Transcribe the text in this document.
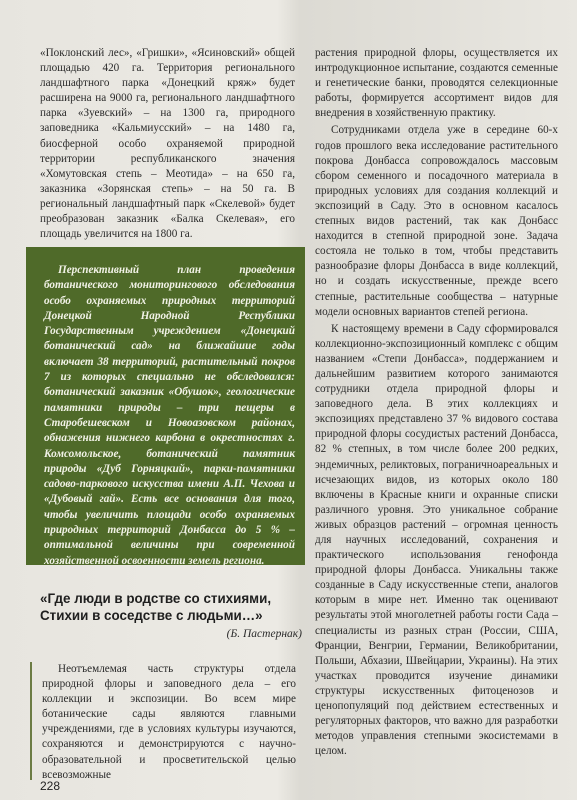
«Поклонский лес», «Гришки», «Ясиновский» общей площадью 420 га. Территория регионального ландшафтного парка «Донецкий кряж» будет расширена на 9000 га, регионального ландшафтного парка «Зуевский» – на 1300 га, природного заповедника «Кальмиусский» – на 1480 га, биосферной особо охраняемой природной территории республиканского значения «Хомутовская степь – Меотида» – на 650 га, заказника «Зорянская степь» – на 50 га. В региональный ландшафтный парк «Скелевой» будет преобразован заказник «Балка Скелевая», его площадь увеличится на 1800 га.

Перспективный план проведения ботанического мониторингового обследования особо охраняемых природных территорий Донецкой Народной Республики Государственным учреждением «Донецкий ботанический сад» на ближайшие годы включает 38 территорий, растительный покров 7 из которых специально не обследовался: ботанический заказник «Обушок», геологические памятники природы – три пещеры в Старобешевском и Новоазовском районах, обнажения нижнего карбона в окрестностях г. Комсомольское, ботанический памятник природы «Дуб Горняцкий», парки-памятники садово-паркового искусства имени А.П. Чехова и «Дубовый гай». Есть все основания для того, чтобы увеличить площади особо охраняемых природных территорий Донбасса до 5 % – оптимальной величины при современной хозяйственной освоенности земель региона.

«Где люди в родстве со стихиями, Стихии в соседстве с людьми…»
(Б. Пастернак)

Неотъемлемая часть структуры отдела природной флоры и заповедного дела – его коллекции и экспозиции. Во всем мире ботанические сады являются главными учреждениями, где в условиях культуры изучаются, сохраняются и демонстрируются с научно-образовательной и просветительской целью всевозможные

228

растения природной флоры, осуществляется их интродукционное испытание, создаются семенные и генетические банки, проводятся селекционные работы, формируется ассортимент видов для внедрения в хозяйственную практику.

Сотрудниками отдела уже в середине 60-х годов прошлого века исследование растительного покрова Донбасса сопровождалось массовым сбором семенного и посадочного материала в природных условиях для создания коллекций и экспозиций в Саду. Это в основном касалось степных видов растений, так как Донбасс находится в степной природной зоне. Задача состояла не только в том, чтобы представить разнообразие флоры Донбасса в виде коллекций, но и создать искусственные, прежде всего степные, растительные сообщества – натурные модели основных вариантов степей региона.

К настоящему времени в Саду сформировался коллекционно-экспозиционный комплекс с общим названием «Степи Донбасса», поддержанием и дальнейшим развитием которого занимаются сотрудники отдела природной флоры и заповедного дела. В этих коллекциях и экспозициях представлено 37 % видового состава природной флоры сосудистых растений Донбасса, 82 % степных, в том числе более 200 редких, эндемичных, реликтовых, пограничноареальных и исчезающих видов, из которых около 180 включены в Красные книги и охранные списки различного уровня. Это уникальное собрание живых образцов растений – огромная ценность для научных исследований, сохранения и практического использования генофонда природной флоры Донбасса. Уникальны также созданные в Саду искусственные степи, аналогов которым в мире нет. Именно так оценивают результаты этой многолетней работы гости Сада – специалисты из разных стран (России, США, Франции, Венгрии, Германии, Великобритании, Польши, Абхазии, Швейцарии, Украины). На этих участках проводится изучение динамики структуры искусственных фитоценозов и ценопопуляций под действием естественных и регуляторных факторов, что важно для разработки методов управления степными экосистемами в целом.
